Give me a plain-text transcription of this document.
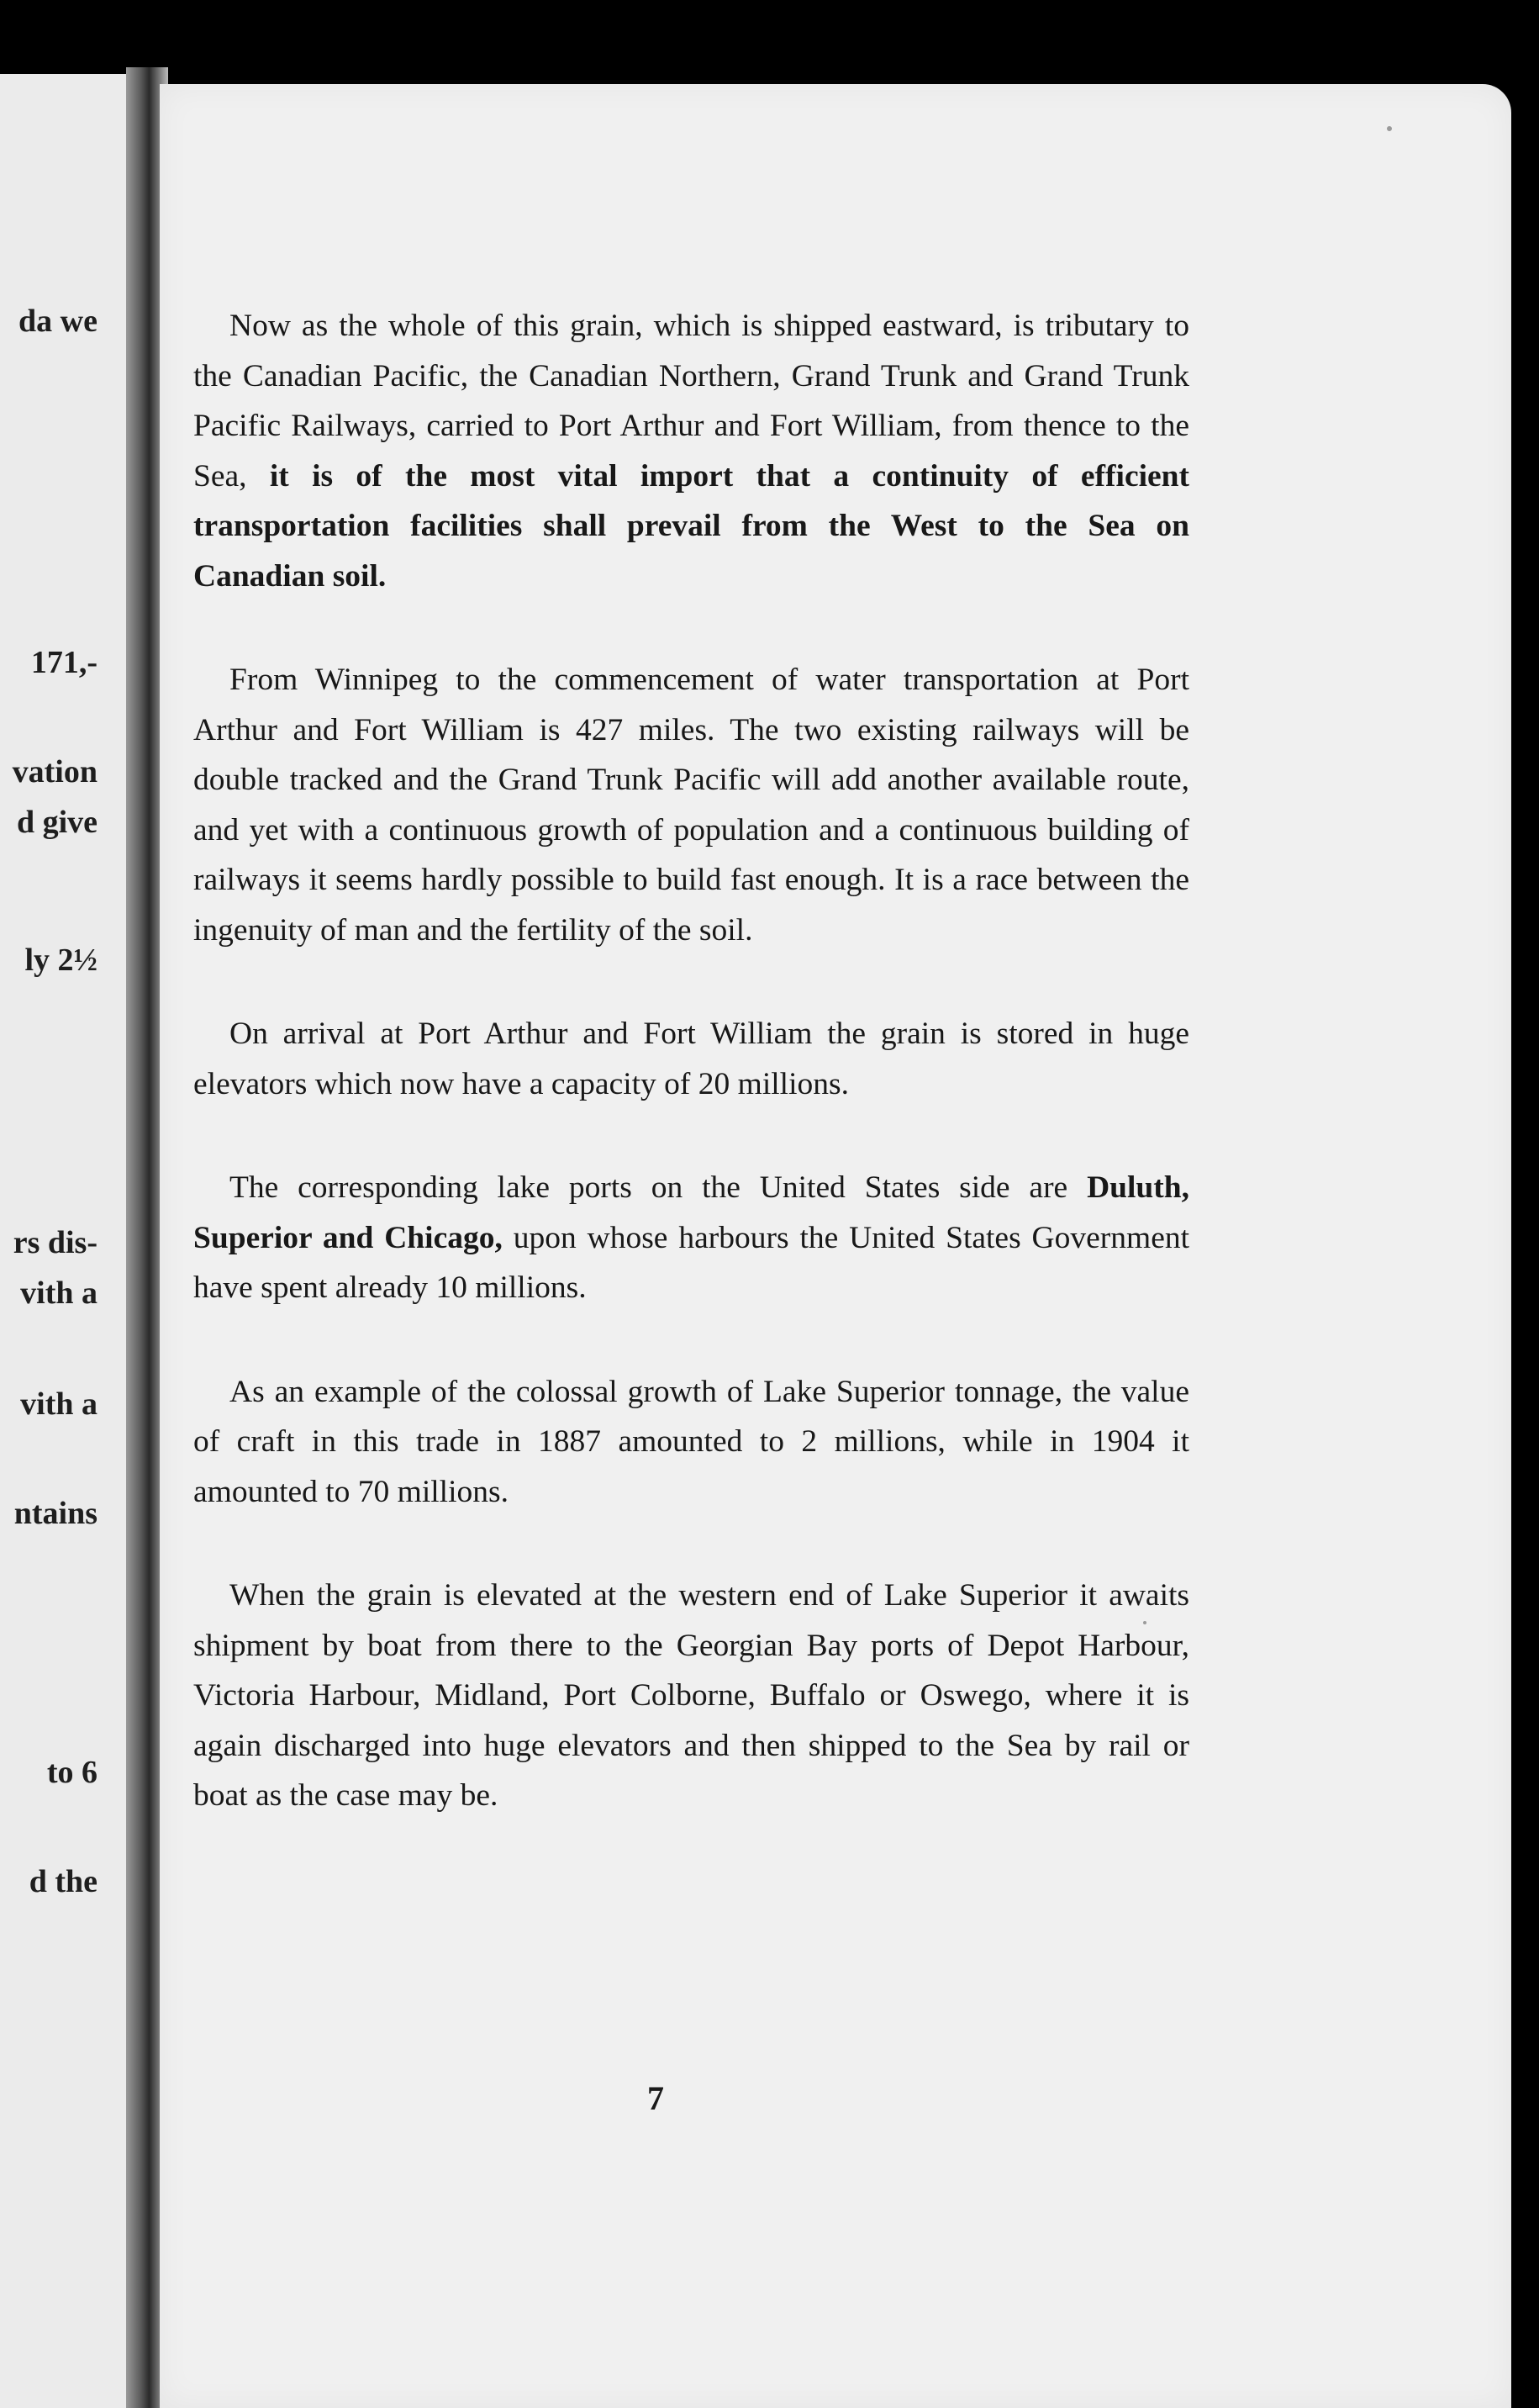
da we
171,-
vation
d give
ly 2½
rs dis-
vith a
vith a
ntains
to 6
d the

Now as the whole of this grain, which is shipped eastward, is tributary to the Canadian Pacific, the Canadian Northern, Grand Trunk and Grand Trunk Pacific Railways, carried to Port Arthur and Fort William, from thence to the Sea, it is of the most vital import that a continuity of efficient transportation facilities shall prevail from the West to the Sea on Canadian soil.

From Winnipeg to the commencement of water transportation at Port Arthur and Fort William is 427 miles. The two existing railways will be double tracked and the Grand Trunk Pacific will add another available route, and yet with a continuous growth of population and a continuous building of railways it seems hardly possible to build fast enough. It is a race between the ingenuity of man and the fertility of the soil.

On arrival at Port Arthur and Fort William the grain is stored in huge elevators which now have a capacity of 20 millions.

The corresponding lake ports on the United States side are Duluth, Superior and Chicago, upon whose harbours the United States Government have spent already 10 millions.

As an example of the colossal growth of Lake Superior tonnage, the value of craft in this trade in 1887 amounted to 2 millions, while in 1904 it amounted to 70 millions.

When the grain is elevated at the western end of Lake Superior it awaits shipment by boat from there to the Georgian Bay ports of Depot Harbour, Victoria Harbour, Midland, Port Colborne, Buffalo or Oswego, where it is again discharged into huge elevators and then shipped to the Sea by rail or boat as the case may be.

7
